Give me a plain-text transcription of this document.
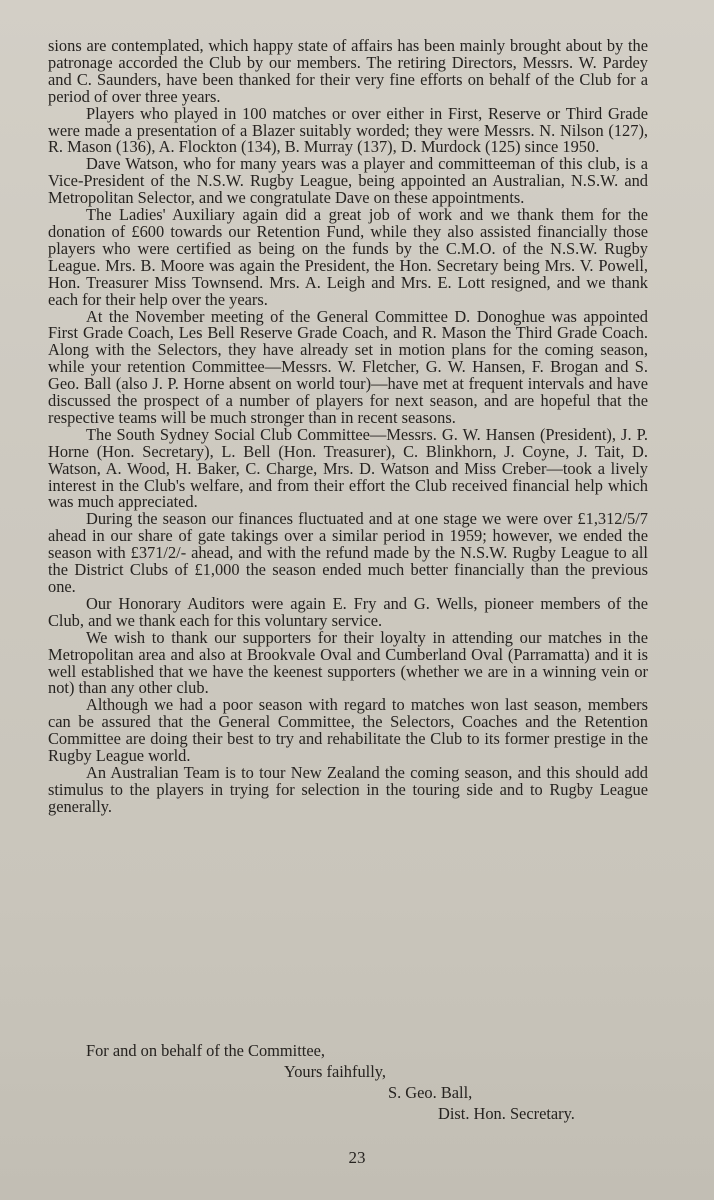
sions are contemplated, which happy state of affairs has been mainly brought about by the patronage accorded the Club by our members. The retiring Directors, Messrs. W. Pardey and C. Saunders, have been thanked for their very fine efforts on behalf of the Club for a period of over three years.

Players who played in 100 matches or over either in First, Reserve or Third Grade were made a presentation of a Blazer suitably worded; they were Messrs. N. Nilson (127), R. Mason (136), A. Flockton (134), B. Murray (137), D. Murdock (125) since 1950.

Dave Watson, who for many years was a player and committeeman of this club, is a Vice-President of the N.S.W. Rugby League, being appointed an Australian, N.S.W. and Metropolitan Selector, and we congratulate Dave on these appointments.

The Ladies' Auxiliary again did a great job of work and we thank them for the donation of £600 towards our Retention Fund, while they also assisted financially those players who were certified as being on the funds by the C.M.O. of the N.S.W. Rugby League. Mrs. B. Moore was again the President, the Hon. Secretary being Mrs. V. Powell, Hon. Treasurer Miss Townsend. Mrs. A. Leigh and Mrs. E. Lott resigned, and we thank each for their help over the years.

At the November meeting of the General Committee D. Donoghue was appointed First Grade Coach, Les Bell Reserve Grade Coach, and R. Mason the Third Grade Coach. Along with the Selectors, they have already set in motion plans for the coming season, while your retention Committee—Messrs. W. Fletcher, G. W. Hansen, F. Brogan and S. Geo. Ball (also J. P. Horne absent on world tour)—have met at frequent intervals and have discussed the prospect of a number of players for next season, and are hopeful that the respective teams will be much stronger than in recent seasons.

The South Sydney Social Club Committee—Messrs. G. W. Hansen (President), J. P. Horne (Hon. Secretary), L. Bell (Hon. Treasurer), C. Blinkhorn, J. Coyne, J. Tait, D. Watson, A. Wood, H. Baker, C. Charge, Mrs. D. Watson and Miss Creber—took a lively interest in the Club's welfare, and from their effort the Club received financial help which was much appreciated.

During the season our finances fluctuated and at one stage we were over £1,312/5/7 ahead in our share of gate takings over a similar period in 1959; however, we ended the season with £371/2/- ahead, and with the refund made by the N.S.W. Rugby League to all the District Clubs of £1,000 the season ended much better financially than the previous one.

Our Honorary Auditors were again E. Fry and G. Wells, pioneer members of the Club, and we thank each for this voluntary service.

We wish to thank our supporters for their loyalty in attending our matches in the Metropolitan area and also at Brookvale Oval and Cumberland Oval (Parramatta) and it is well established that we have the keenest supporters (whether we are in a winning vein or not) than any other club.

Although we had a poor season with regard to matches won last season, members can be assured that the General Committee, the Selectors, Coaches and the Retention Committee are doing their best to try and rehabilitate the Club to its former prestige in the Rugby League world.

An Australian Team is to tour New Zealand the coming season, and this should add stimulus to the players in trying for selection in the touring side and to Rugby League generally.

For and on behalf of the Committee,
Yours faihfully,
S. Geo. Ball,
Dist. Hon. Secretary.
23
